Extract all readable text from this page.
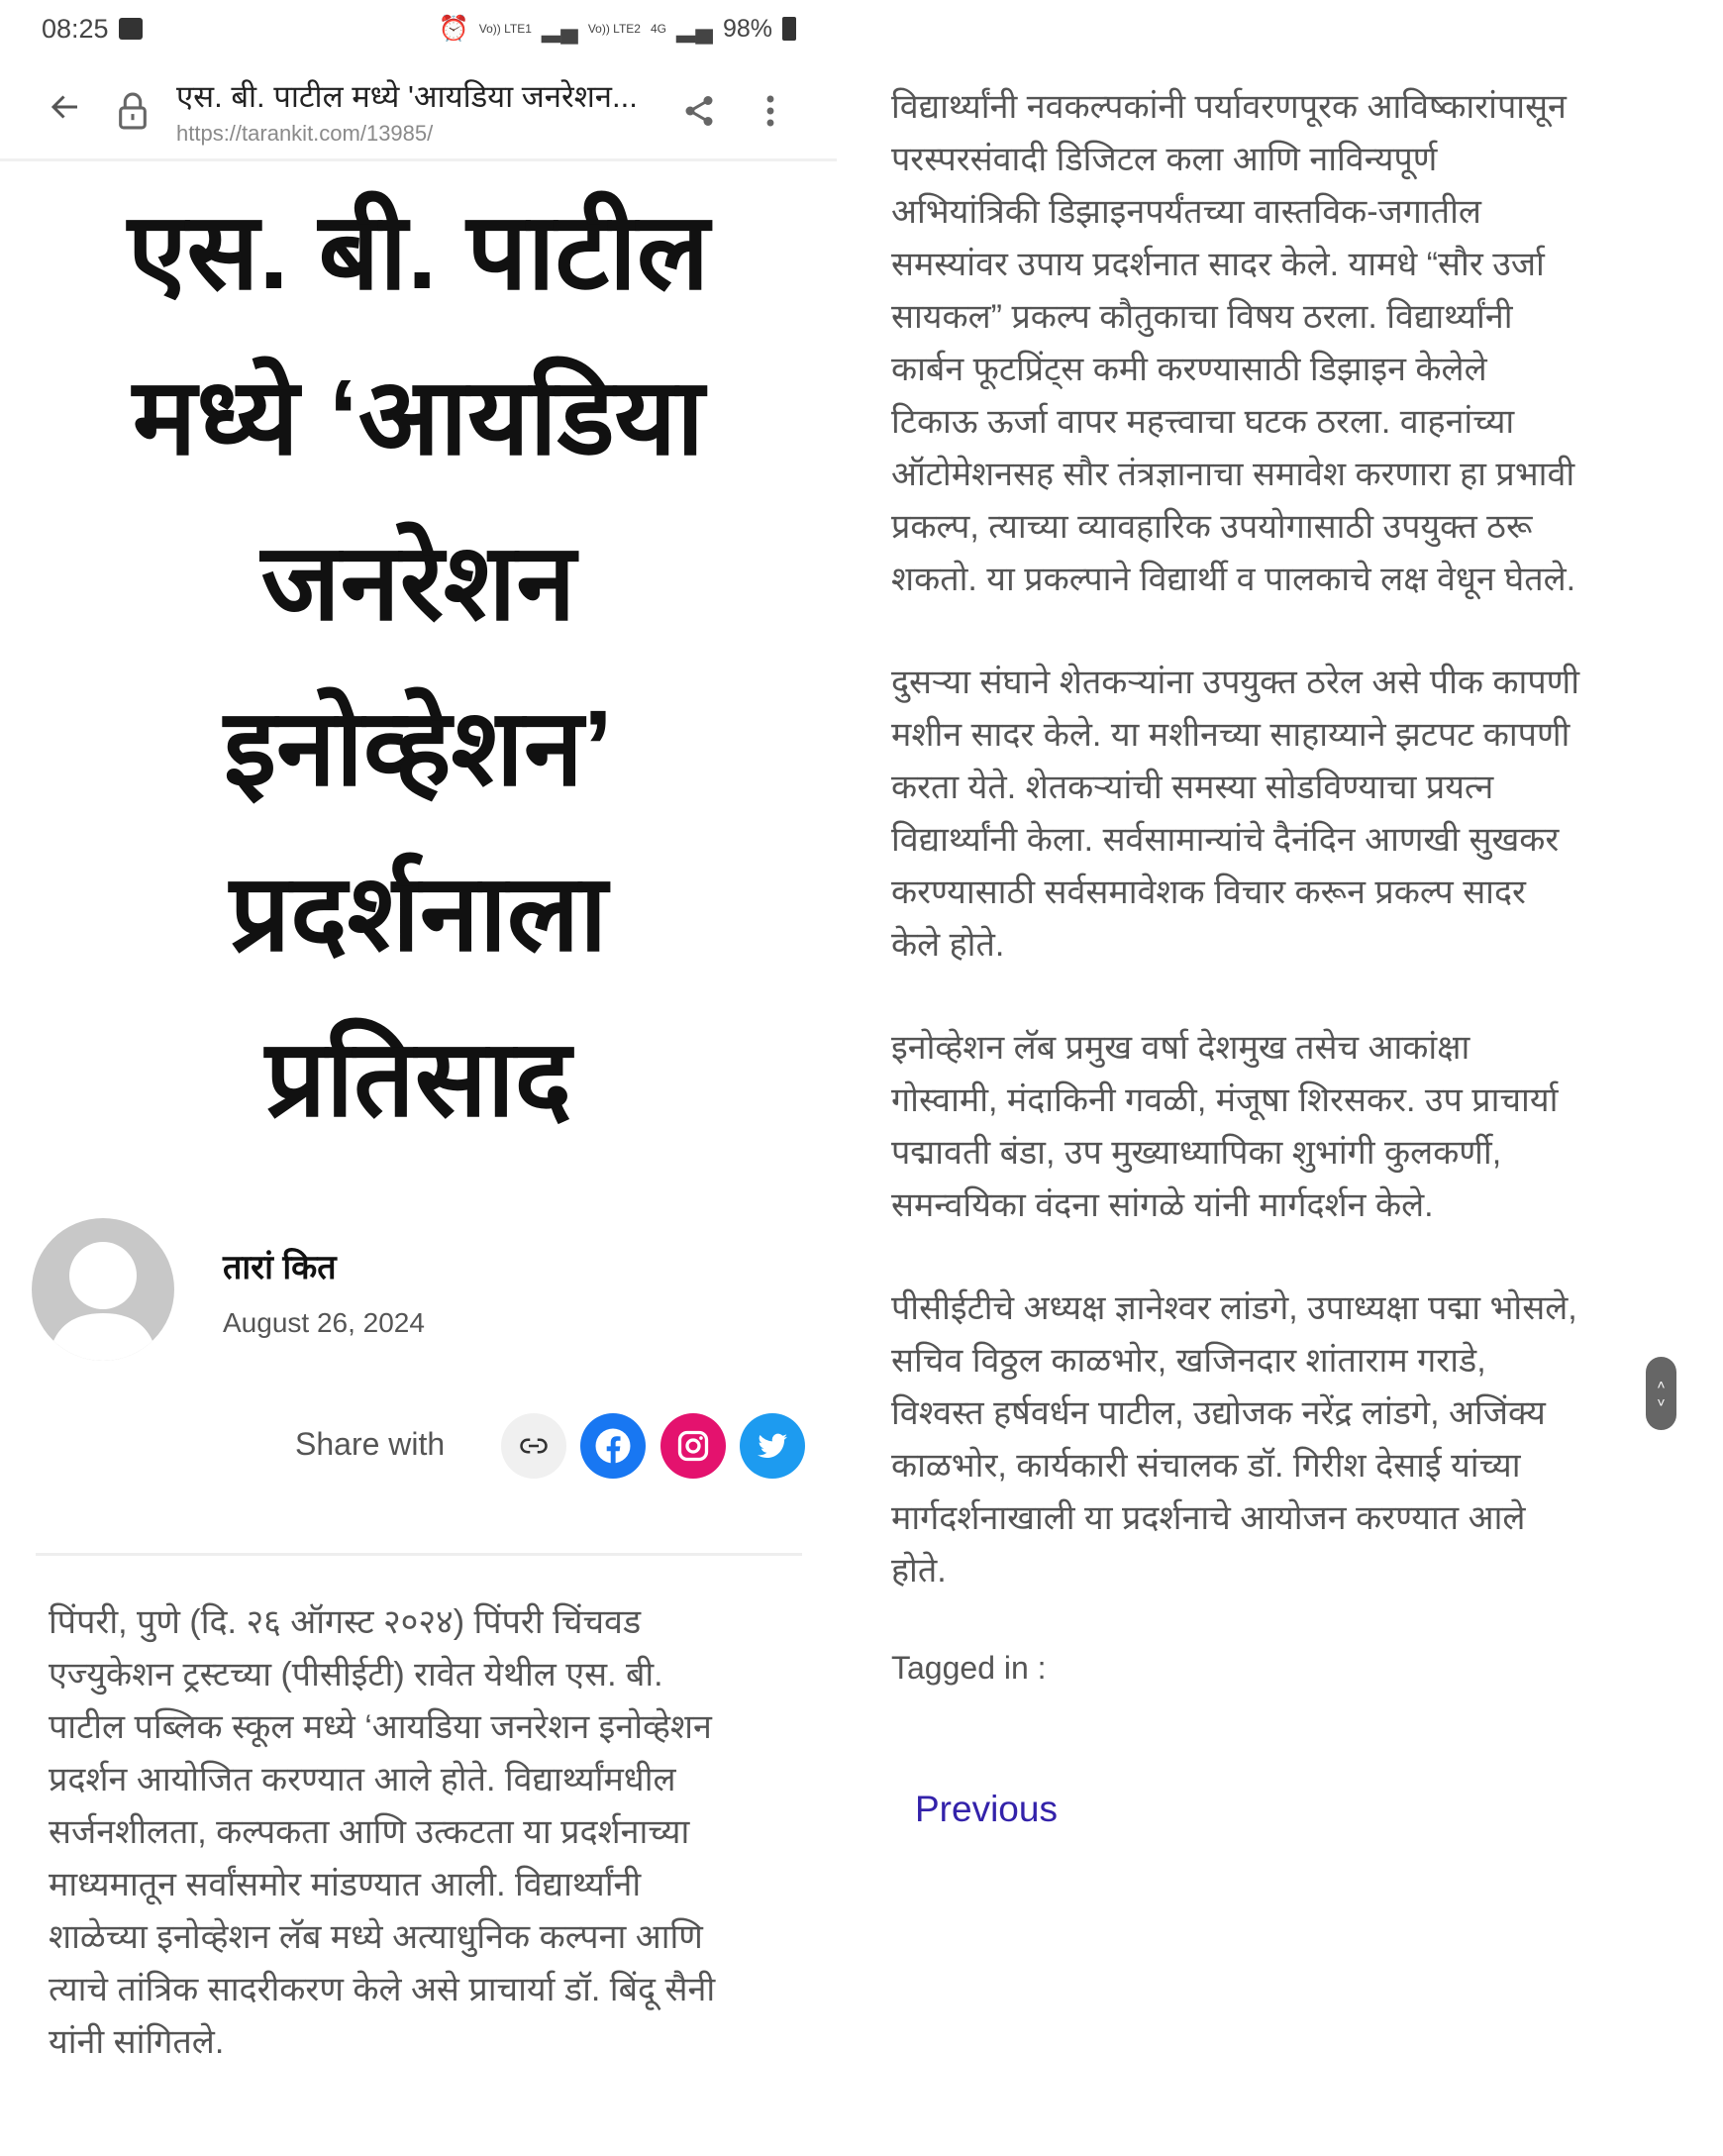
08:25	⏰ Vo)) LTE1 ▂▄ Vo)) LTE2 4G ▂▄ 98%
एस. बी. पाटील मध्ये 'आयडिया जनरेशन...
https://tarankit.com/13985/
एस. बी. पाटील
मध्ये ‘आयडिया
जनरेशन
इनोव्हेशन’
प्रदर्शनाला
प्रतिसाद
तारां कित
August 26, 2024
Share with
पिंपरी, पुणे (दि. २६ ऑगस्ट २०२४) पिंपरी चिंचवड
एज्युकेशन ट्रस्टच्या (पीसीईटी) रावेत येथील एस. बी.
पाटील पब्लिक स्कूल मध्ये ‘आयडिया जनरेशन इनोव्हेशन
प्रदर्शन आयोजित करण्यात आले होते. विद्यार्थ्यांमधील
सर्जनशीलता, कल्पकता आणि उत्कटता या प्रदर्शनाच्या
माध्यमातून सर्वांसमोर मांडण्यात आली. विद्यार्थ्यांनी
शाळेच्या इनोव्हेशन लॅब मध्ये अत्याधुनिक कल्पना आणि
त्याचे तांत्रिक सादरीकरण केले असे प्राचार्या डॉ. बिंदू सैनी
यांनी सांगितले.
विद्यार्थ्यांनी नवकल्पकांनी पर्यावरणपूरक आविष्कारांपासून
परस्परसंवादी डिजिटल कला आणि नाविन्यपूर्ण
अभियांत्रिकी डिझाइनपर्यंतच्या वास्तविक-जगातील
समस्यांवर उपाय प्रदर्शनात सादर केले. यामधे “सौर उर्जा
सायकल” प्रकल्प कौतुकाचा विषय ठरला. विद्यार्थ्यांनी
कार्बन फूटप्रिंट्स कमी करण्यासाठी डिझाइन केलेले
टिकाऊ ऊर्जा वापर महत्त्वाचा घटक ठरला. वाहनांच्या
ऑटोमेशनसह सौर तंत्रज्ञानाचा समावेश करणारा हा प्रभावी
प्रकल्प, त्याच्या व्यावहारिक उपयोगासाठी उपयुक्त ठरू
शकतो. या प्रकल्पाने विद्यार्थी व पालकाचे लक्ष वेधून घेतले.
दुसऱ्या संघाने शेतकऱ्यांना उपयुक्त ठरेल असे पीक कापणी
मशीन सादर केले. या मशीनच्या साहाय्याने झटपट कापणी
करता येते. शेतकऱ्यांची समस्या सोडविण्याचा प्रयत्न
विद्यार्थ्यांनी केला. सर्वसामान्यांचे दैनंदिन आणखी सुखकर
करण्यासाठी सर्वसमावेशक विचार करून प्रकल्प सादर
केले होते.
इनोव्हेशन लॅब प्रमुख वर्षा देशमुख तसेच आकांक्षा
गोस्वामी, मंदाकिनी गवळी, मंजूषा शिरसकर. उप प्राचार्या
पद्मावती बंडा, उप मुख्याध्यापिका शुभांगी कुलकर्णी,
समन्वयिका वंदना सांगळे यांनी मार्गदर्शन केले.
पीसीईटीचे अध्यक्ष ज्ञानेश्वर लांडगे, उपाध्यक्षा पद्मा भोसले,
सचिव विठ्ठल काळभोर, खजिनदार शांताराम गराडे,
विश्वस्त हर्षवर्धन पाटील, उद्योजक नरेंद्र लांडगे, अजिंक्य
काळभोर, कार्यकारी संचालक डॉ. गिरीश देसाई यांच्या
मार्गदर्शनाखाली या प्रदर्शनाचे आयोजन करण्यात आले
होते.
Tagged in :
Previous
˄
˅
